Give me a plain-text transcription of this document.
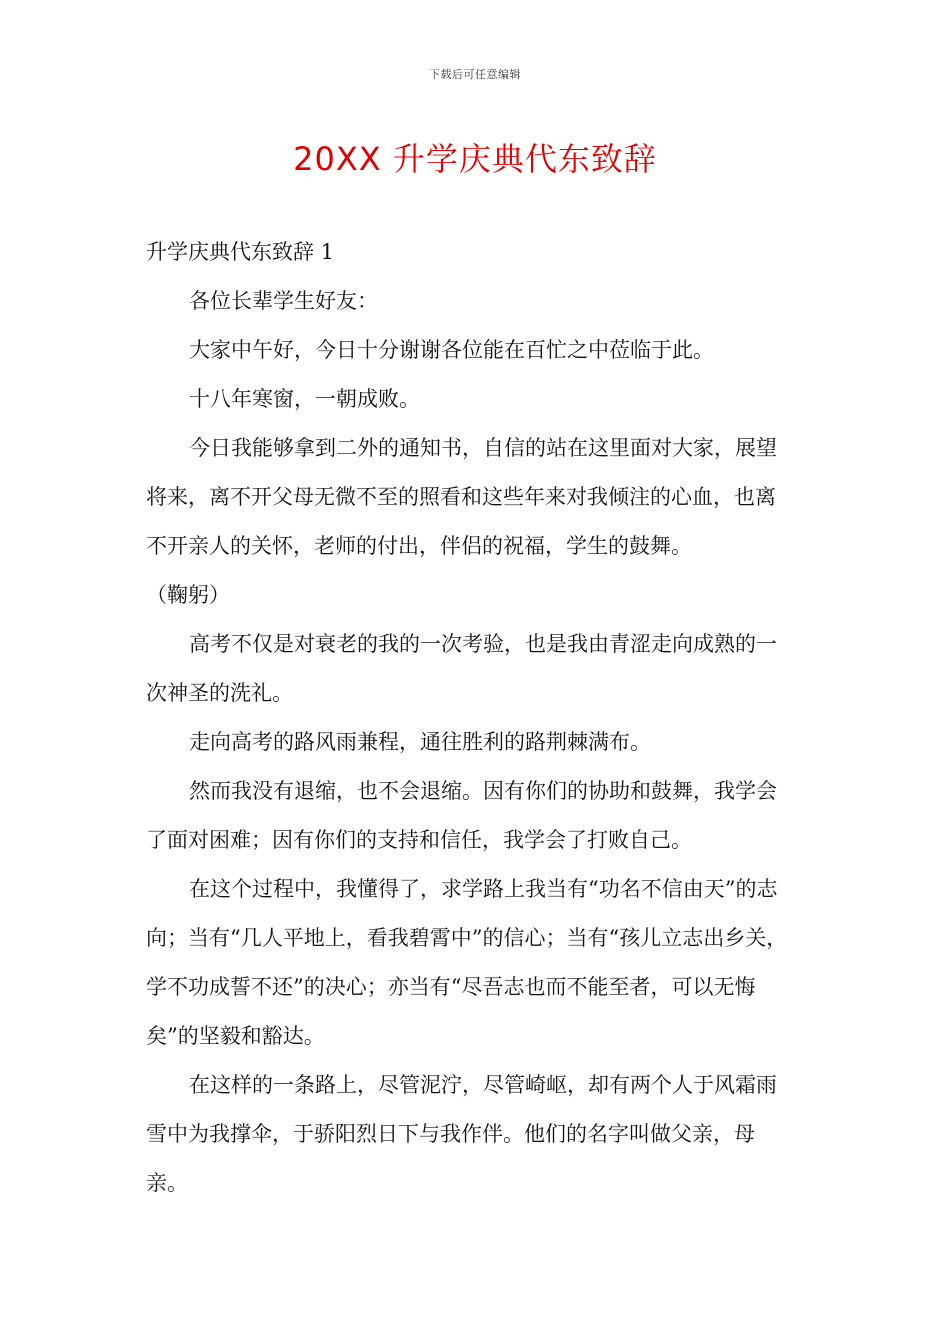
下载后可任意编辑
20XX 升学庆典代东致辞

升学庆典代东致辞 1

各位长辈学生好友：

大家中午好，今日十分谢谢各位能在百忙之中莅临于此。

十八年寒窗，一朝成败。

今日我能够拿到二外的通知书，自信的站在这里面对大家，展望将来，离不开父母无微不至的照看和这些年来对我倾注的心血，也离不开亲人的关怀，老师的付出，伴侣的祝福，学生的鼓舞。

（鞠躬）

高考不仅是对衰老的我的一次考验，也是我由青涩走向成熟的一次神圣的洗礼。

走向高考的路风雨兼程，通往胜利的路荆棘满布。

然而我没有退缩，也不会退缩。因有你们的协助和鼓舞，我学会了面对困难；因有你们的支持和信任，我学会了打败自己。

在这个过程中，我懂得了，求学路上我当有“功名不信由天”的志向；当有“几人平地上，看我碧霄中”的信心；当有“孩儿立志出乡关，学不功成誓不还”的决心；亦当有“尽吾志也而不能至者，可以无悔矣”的坚毅和豁达。

在这样的一条路上，尽管泥泞，尽管崎岖，却有两个人于风霜雨雪中为我撑伞，于骄阳烈日下与我作伴。他们的名字叫做父亲，母亲。
